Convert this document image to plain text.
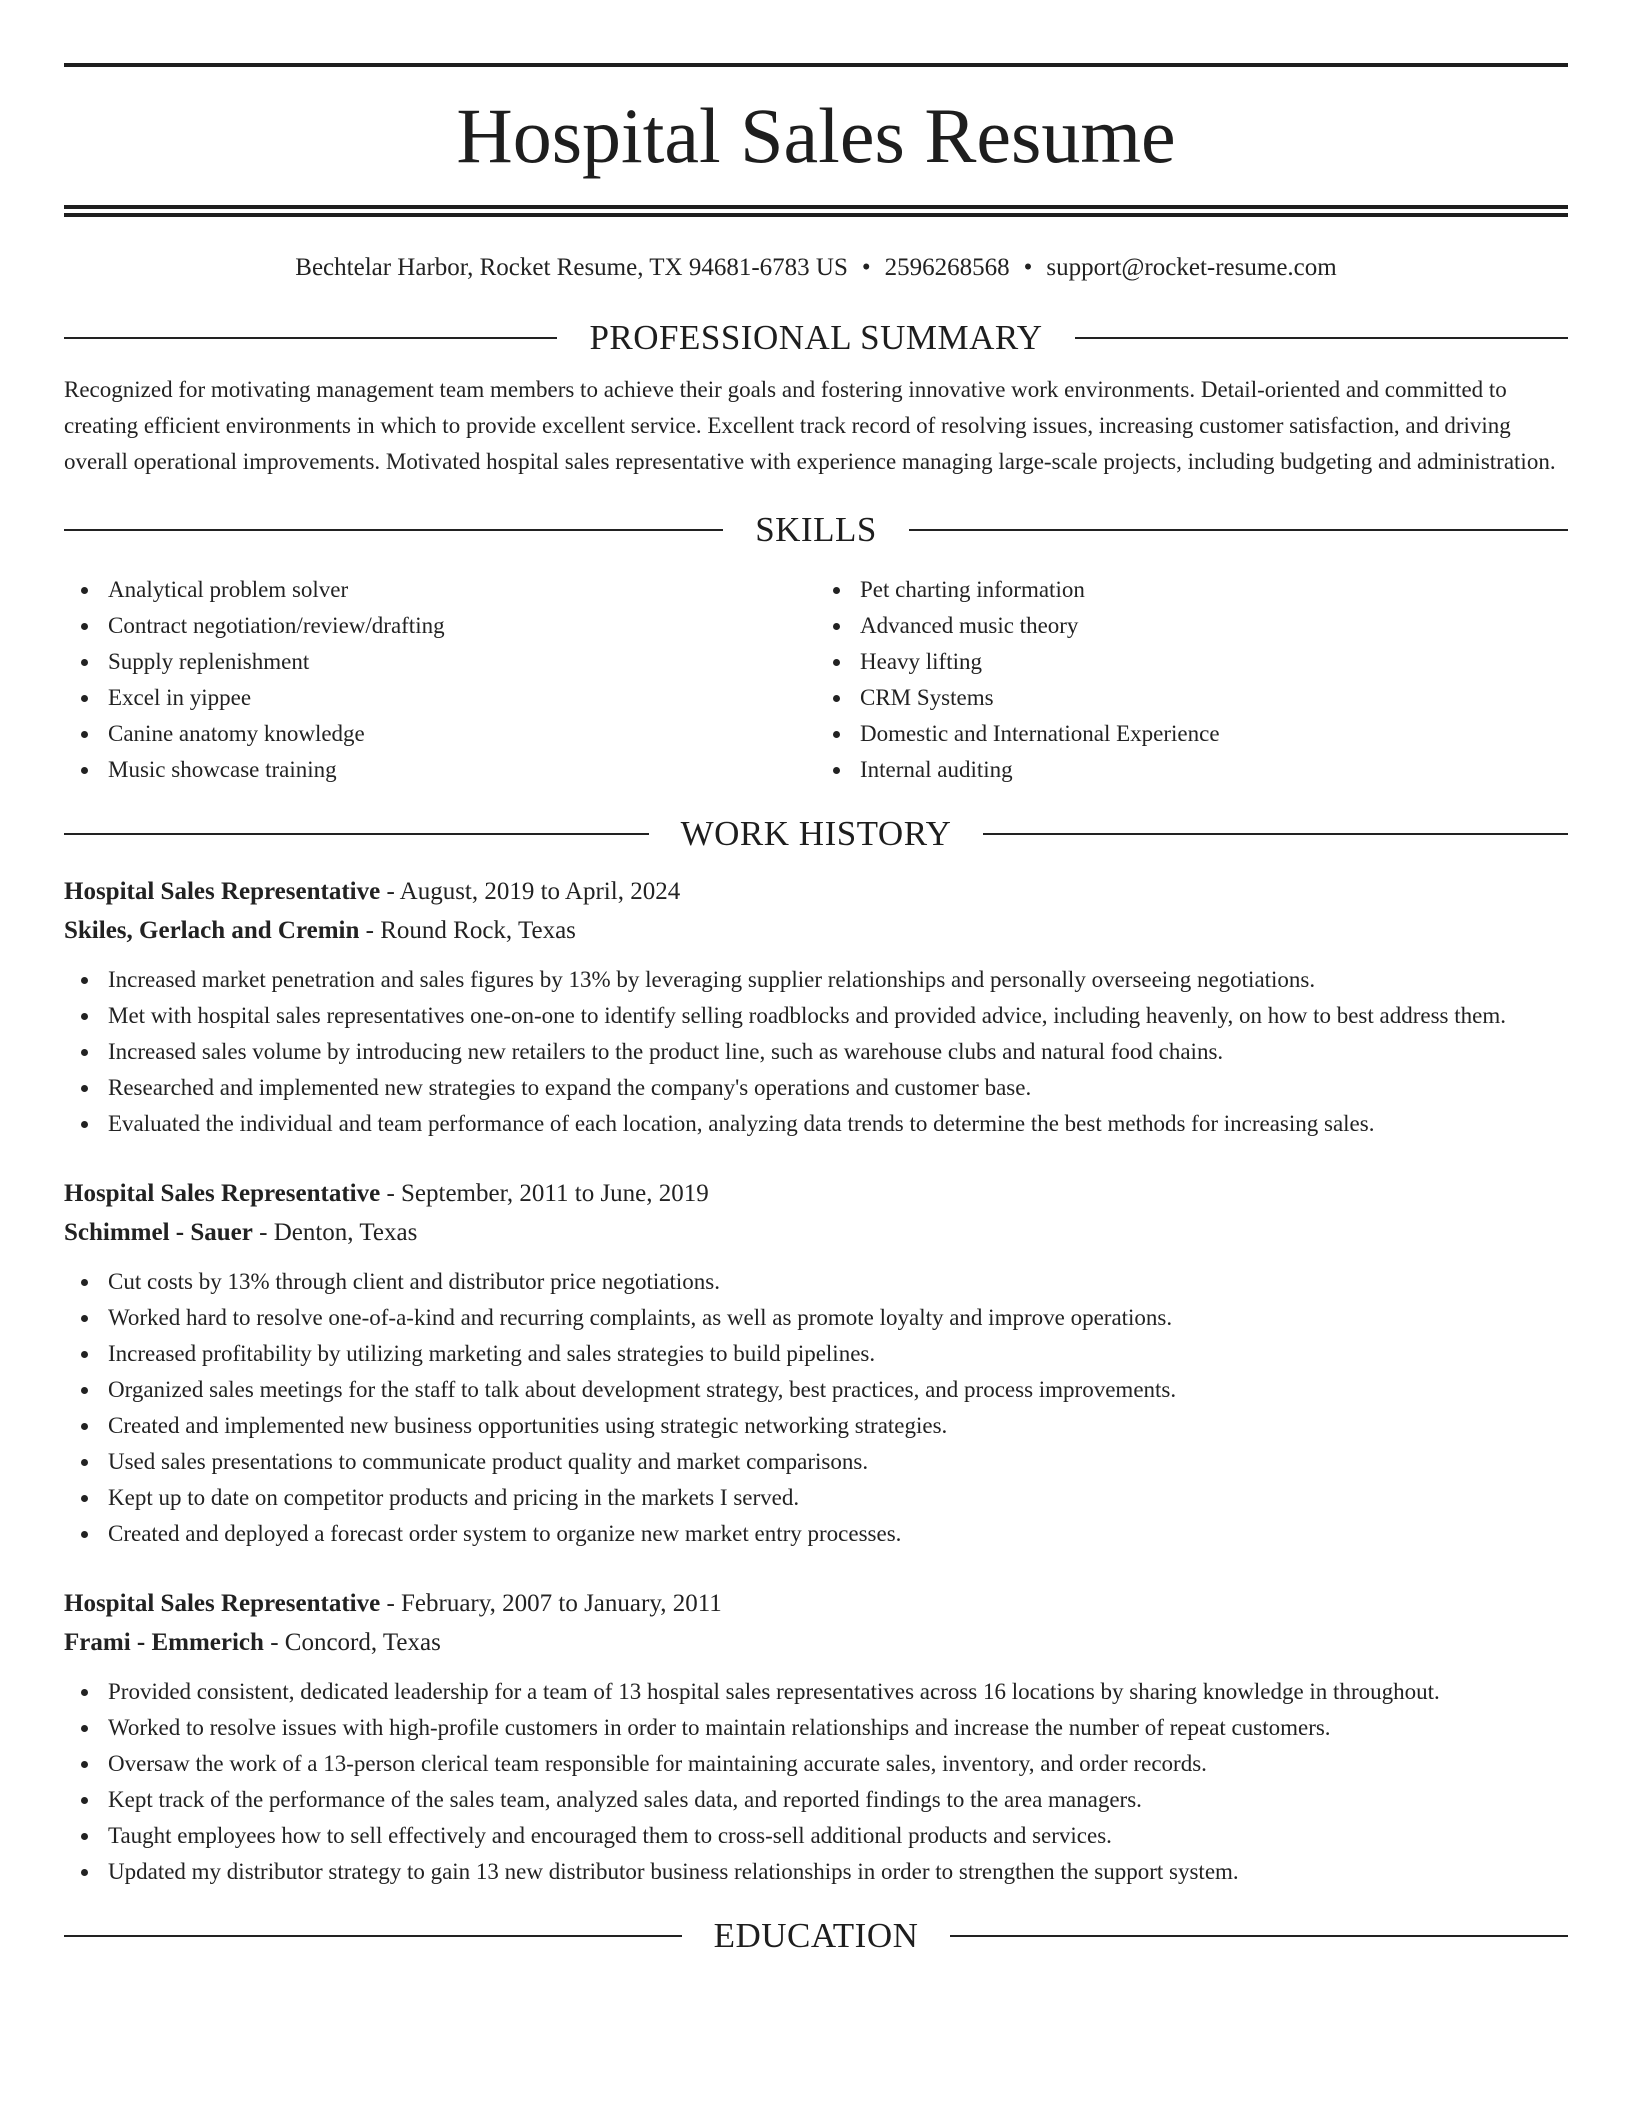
Hospital Sales Resume
Bechtelar Harbor, Rocket Resume, TX 94681-6783 US • 2596268568 • support@rocket-resume.com
PROFESSIONAL SUMMARY

Recognized for motivating management team members to achieve their goals and fostering innovative work environments. Detail-oriented and committed to creating efficient environments in which to provide excellent service. Excellent track record of resolving issues, increasing customer satisfaction, and driving overall operational improvements. Motivated hospital sales representative with experience managing large-scale projects, including budgeting and administration.

SKILLS
Analytical problem solver
Contract negotiation/review/drafting
Supply replenishment
Excel in yippee
Canine anatomy knowledge
Music showcase training
Pet charting information
Advanced music theory
Heavy lifting
CRM Systems
Domestic and International Experience
Internal auditing
WORK HISTORY
Hospital Sales Representative - August, 2019 to April, 2024
Skiles, Gerlach and Cremin - Round Rock, Texas
Increased market penetration and sales figures by 13% by leveraging supplier relationships and personally overseeing negotiations.
Met with hospital sales representatives one-on-one to identify selling roadblocks and provided advice, including heavenly, on how to best address them.
Increased sales volume by introducing new retailers to the product line, such as warehouse clubs and natural food chains.
Researched and implemented new strategies to expand the company's operations and customer base.
Evaluated the individual and team performance of each location, analyzing data trends to determine the best methods for increasing sales.
Hospital Sales Representative - September, 2011 to June, 2019
Schimmel - Sauer - Denton, Texas
Cut costs by 13% through client and distributor price negotiations.
Worked hard to resolve one-of-a-kind and recurring complaints, as well as promote loyalty and improve operations.
Increased profitability by utilizing marketing and sales strategies to build pipelines.
Organized sales meetings for the staff to talk about development strategy, best practices, and process improvements.
Created and implemented new business opportunities using strategic networking strategies.
Used sales presentations to communicate product quality and market comparisons.
Kept up to date on competitor products and pricing in the markets I served.
Created and deployed a forecast order system to organize new market entry processes.
Hospital Sales Representative - February, 2007 to January, 2011
Frami - Emmerich - Concord, Texas
Provided consistent, dedicated leadership for a team of 13 hospital sales representatives across 16 locations by sharing knowledge in throughout.
Worked to resolve issues with high-profile customers in order to maintain relationships and increase the number of repeat customers.
Oversaw the work of a 13-person clerical team responsible for maintaining accurate sales, inventory, and order records.
Kept track of the performance of the sales team, analyzed sales data, and reported findings to the area managers.
Taught employees how to sell effectively and encouraged them to cross-sell additional products and services.
Updated my distributor strategy to gain 13 new distributor business relationships in order to strengthen the support system.
EDUCATION
